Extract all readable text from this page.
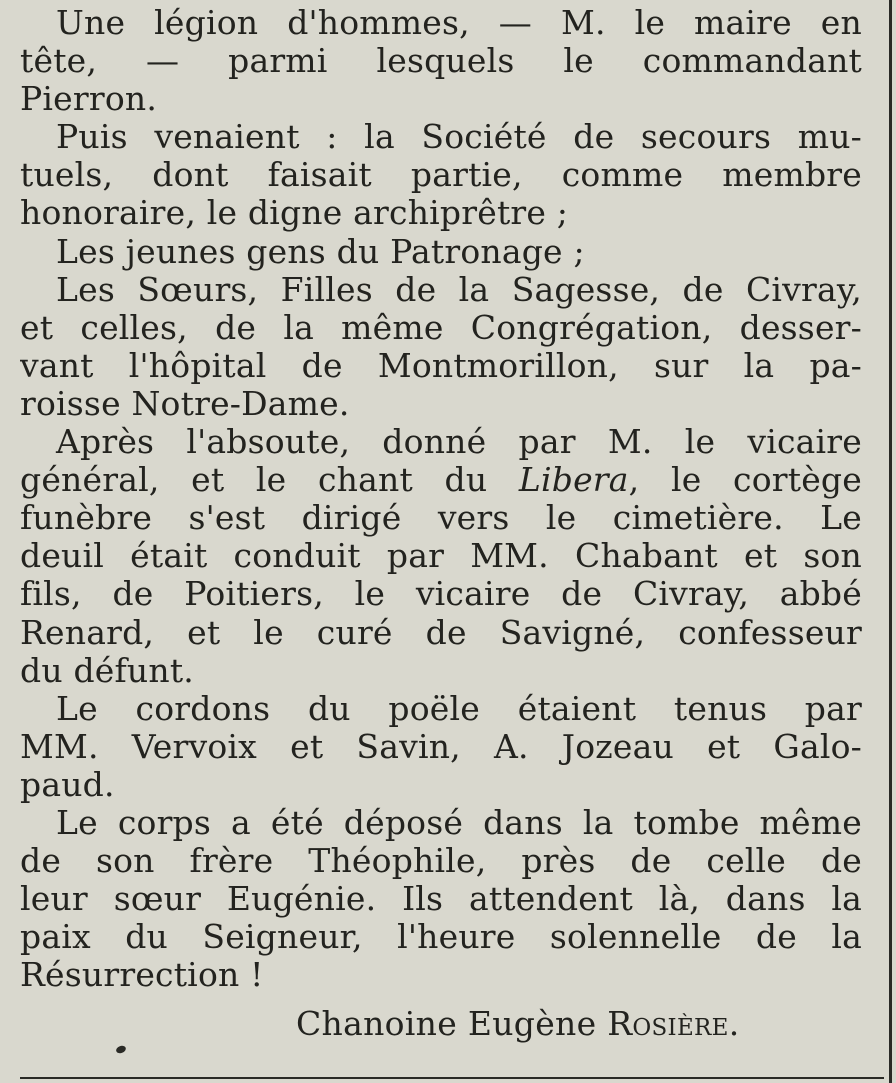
Une légion d'hommes, — M. le maire en
tête, — parmi lesquels le commandant
Pierron.
Puis venaient : la Société de secours mu-
tuels, dont faisait partie, comme membre
honoraire, le digne archiprêtre ;
Les jeunes gens du Patronage ;
Les Sœurs, Filles de la Sagesse, de Civray,
et celles, de la même Congrégation, desser-
vant l'hôpital de Montmorillon, sur la pa-
roisse Notre-Dame.
Après l'absoute, donné par M. le vicaire
général, et le chant du Libera, le cortège
funèbre s'est dirigé vers le cimetière. Le
deuil était conduit par MM. Chabant et son
fils, de Poitiers, le vicaire de Civray, abbé
Renard, et le curé de Savigné, confesseur
du défunt.
Le cordons du poële étaient tenus par
MM. Vervoix et Savin, A. Jozeau et Galo-
paud.
Le corps a été déposé dans la tombe même
de son frère Théophile, près de celle de
leur sœur Eugénie. Ils attendent là, dans la
paix du Seigneur, l'heure solennelle de la
Résurrection !
Chanoine Eugène Rosière.
